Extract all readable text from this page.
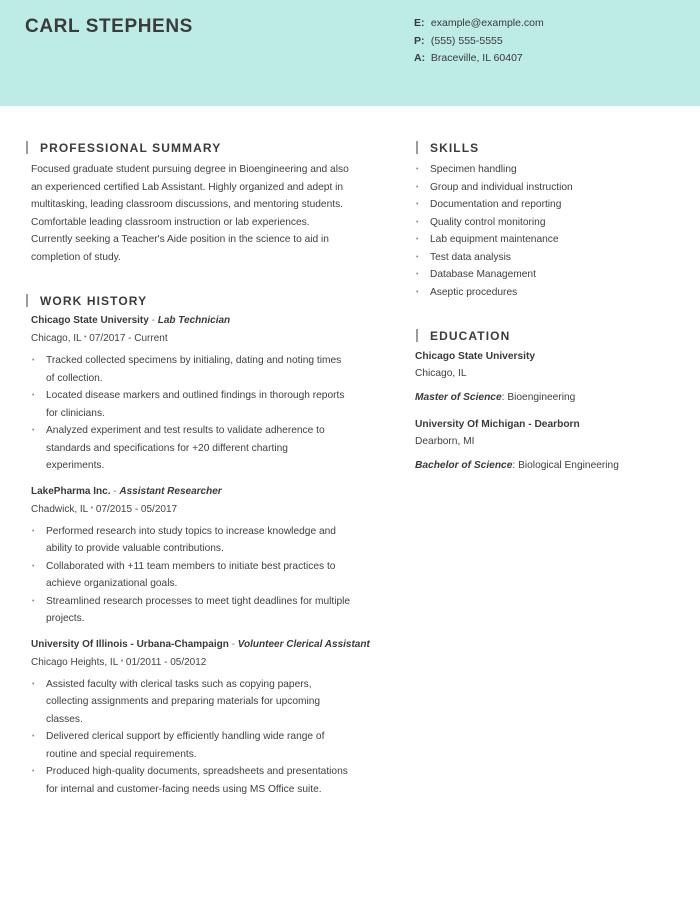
CARL STEPHENS	E: example@example.com
P: (555) 555-5555
A: Braceville, IL 60407
PROFESSIONAL SUMMARY
Focused graduate student pursuing degree in Bioengineering and also
an experienced certified Lab Assistant. Highly organized and adept in
multitasking, leading classroom discussions, and mentoring students.
Comfortable leading classroom instruction or lab experiences.
Currently seeking a Teacher's Aide position in the science to aid in
completion of study.
WORK HISTORY
Chicago State University - Lab Technician
Chicago, IL • 07/2017 - Current
• Tracked collected specimens by initialing, dating and noting times
of collection.
• Located disease markers and outlined findings in thorough reports
for clinicians.
• Analyzed experiment and test results to validate adherence to
standards and specifications for +20 different charting
experiments.
LakePharma Inc. - Assistant Researcher
Chadwick, IL • 07/2015 - 05/2017
• Performed research into study topics to increase knowledge and
ability to provide valuable contributions.
• Collaborated with +11 team members to initiate best practices to
achieve organizational goals.
• Streamlined research processes to meet tight deadlines for multiple
projects.
University Of Illinois - Urbana-Champaign - Volunteer Clerical Assistant
Chicago Heights, IL • 01/2011 - 05/2012
• Assisted faculty with clerical tasks such as copying papers,
collecting assignments and preparing materials for upcoming
classes.
• Delivered clerical support by efficiently handling wide range of
routine and special requirements.
• Produced high-quality documents, spreadsheets and presentations
for internal and customer-facing needs using MS Office suite.
SKILLS
• Specimen handling
• Group and individual instruction
• Documentation and reporting
• Quality control monitoring
• Lab equipment maintenance
• Test data analysis
• Database Management
• Aseptic procedures
EDUCATION
Chicago State University
Chicago, IL
Master of Science: Bioengineering
University Of Michigan - Dearborn
Dearborn, MI
Bachelor of Science: Biological Engineering
